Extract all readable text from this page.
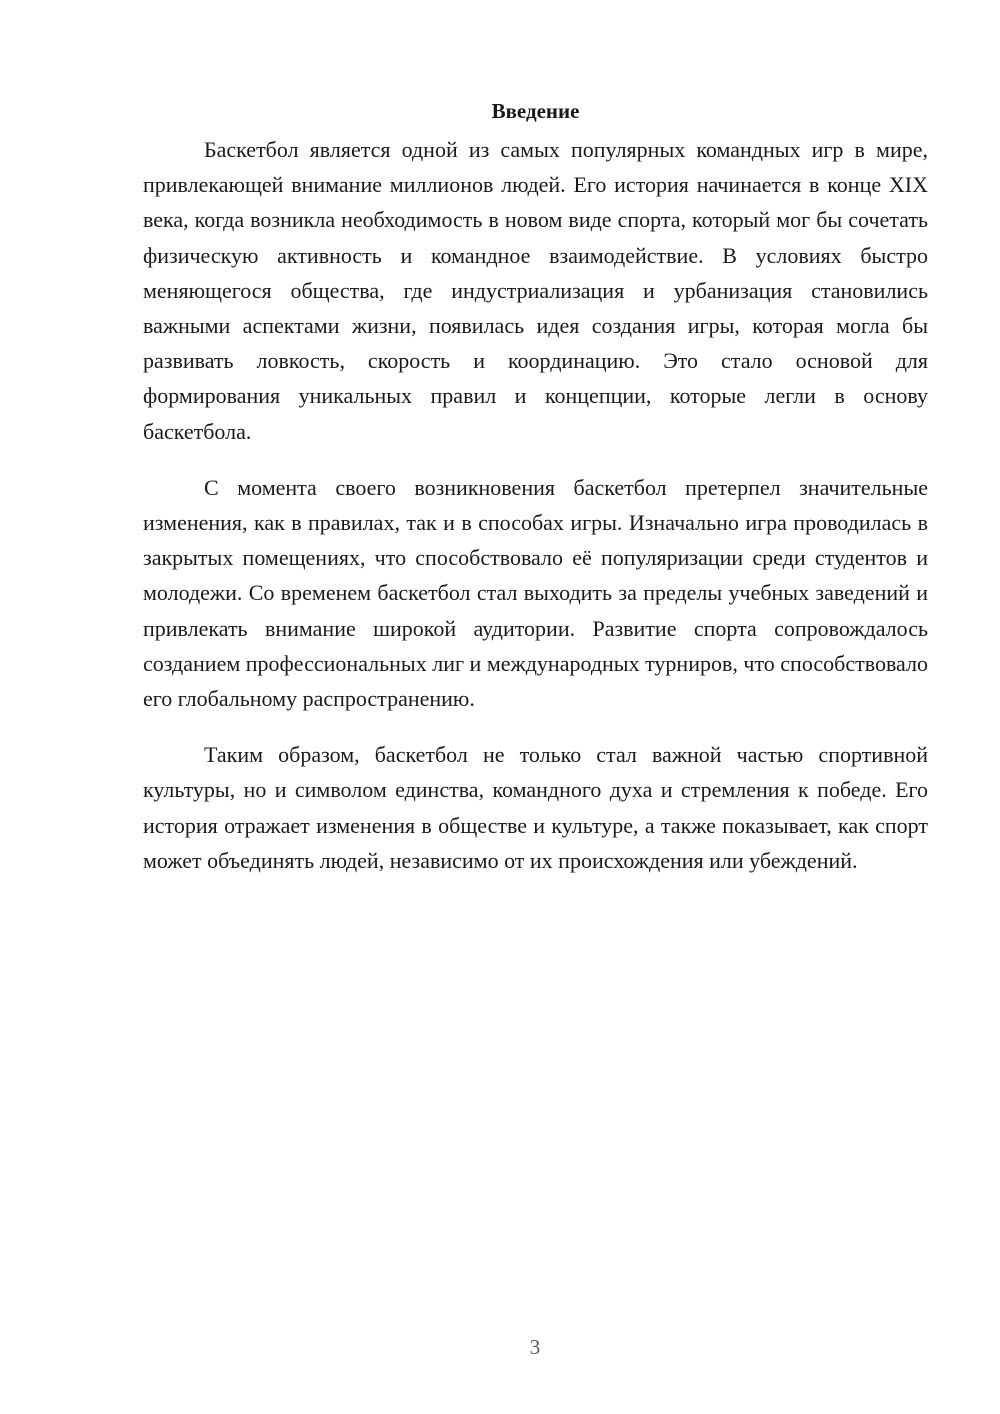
Введение

Баскетбол является одной из самых популярных командных игр в мире, привлекающей внимание миллионов людей. Его история начинается в конце XIX века, когда возникла необходимость в новом виде спорта, который мог бы сочетать физическую активность и командное взаимодействие. В условиях быстро меняющегося общества, где индустриализация и урбанизация становились важными аспектами жизни, появилась идея создания игры, которая могла бы развивать ловкость, скорость и координацию. Это стало основой для формирования уникальных правил и концепции, которые легли в основу баскетбола.

С момента своего возникновения баскетбол претерпел значительные изменения, как в правилах, так и в способах игры. Изначально игра проводилась в закрытых помещениях, что способствовало её популяризации среди студентов и молодежи. Со временем баскетбол стал выходить за пределы учебных заведений и привлекать внимание широкой аудитории. Развитие спорта сопровождалось созданием профессиональных лиг и международных турниров, что способствовало его глобальному распространению.

Таким образом, баскетбол не только стал важной частью спортивной культуры, но и символом единства, командного духа и стремления к победе. Его история отражает изменения в обществе и культуре, а также показывает, как спорт может объединять людей, независимо от их происхождения или убеждений.

3
